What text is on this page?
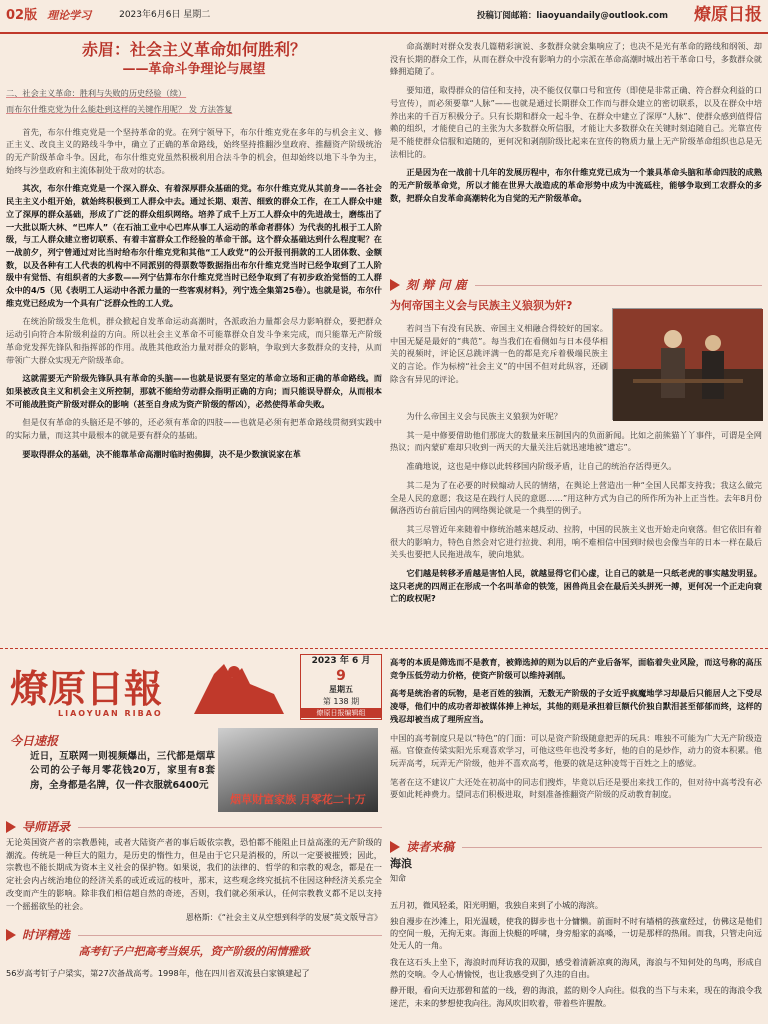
02版 理论学习	2023年6月6日 星期二	投稿订阅邮箱：liaoyuandaily@outlook.com 燎原日报
赤眉：社会主义革命如何胜利？
——革命斗争理论与展望
二、社会主义革命：胜利与失败的历史经验（续）
而布尔什维克党为什么能赴到这样的关键作用呢？ 发 方法答复
首先，布尔什维克党是一个坚持革命的党。在列宁领导下，布尔什维克党在多年的与机会主义、修正主义、改良主义的路线斗争中，确立了正确的革命路线，始终坚持推翻沙皇政府、推翻资产阶级统治的无产阶级革命斗争。因此，布尔什维克党虽然积极利用合法斗争的机会，但却始终以地下斗争为主，始终与沙皇政府和主流体制处于敌对的状态。
其次，布尔什维克党是一个深入群众、有着深厚群众基础的党。布尔什维克党从其前身——各社会民主主义小组开始，就始终积极到工人群众中去。通过长期、艰苦、细致的群众工作，在工人群众中建立了深厚的群众基础，形成了广泛的群众组织网络。培养了成千上万工人群众中的先进战士，磨练出了一大批以斯大林、“巴库人”（在石油工业中心巴库从事工人运动的革命者群体）为代表的扎根于工人阶级，与工人群众建立密切联系、有着丰富群众工作经验的革命干部。这个群众基础达到什么程度呢？在一战前夕，列宁曾通过对比当时给布尔什维克党和其他“工人政党”的公开报刊捐款的工人团体数、金额数，以及各种有工人代表的机构中不同派别的得票数等数据指出布尔什维克党当时已经争取到了工人阶级中有觉悟、有组织者的大多数——列宁估算布尔什维克党当时已经争取到了有初步政治觉悟的工人群众中的4/5（见《表明工人运动中各派力量的一些客观材料》，列宁选全集第25卷）。也就是说，布尔什维克党已经成为一个具有广泛群众性的工人党。
在统治阶级发生危机，群众掀起自发革命运动高潮时，各派政治力量都会尽力影响群众，要把群众运动引向符合本阶级利益的方向。所以社会主义革命不可能靠群众自发斗争来完成，而只能靠无产阶级革命党发挥先锋队和指挥部的作用。战胜其他政治力量对群众的影响，争取到大多数群众的支持，从而带领广大群众实现无产阶级革命。
这就需要无产阶级先锋队具有革命的头脑——也就是说要有坚定的革命立场和正确的革命路线。而如果被改良主义和机会主义所控制，那就不能给劳动群众指明正确的方向；而只能误导群众，从而根本不可能战胜资产阶级对群众的影响（甚至自身成为资产阶级的帮凶），必然使得革命失败。
但是仅有革命的头脑还是不够的，还必须有革命的四肢——也就是必须有把革命路线贯彻到实践中的实际力量，而这其中最根本的就是要有群众的基础。
要取得群众的基础，决不能靠革命高潮时临时抱佛脚，决不是少数演说家在革
命高潮时对群众发表几篇精彩演说、多数群众就会集响应了；也决不是光有革命的路线和纲领、却没有长期的群众工作，从而在群众中没有影响力的小宗派在革命高潮时城出若干革命口号，多数群众就蜂拥追随了。
要知道，取得群众的信任和支持，决不能仅仅靠口号和宣传（即使是非常正确、符合群众利益的口号宣传），而必须要靠“人脉”——也就是通过长期群众工作而与群众建立的密切联系，以及在群众中培养出来的千百万积极分子。只有长期和群众一起斗争、在群众中建立了深厚“人脉”、使群众感到值得信赖的组织，才能使自己的主张为大多数群众所信服，才能让大多数群众在关键时刻追随自己。光靠宣传是不能使群众信服和追随的，更何况和剥削阶级比起来在宣传的物质力量上无产阶级革命组织也总是无法相比的。
正是因为在一战前十几年的发展历程中，布尔什维克党已成为一个兼具革命头脑和革命四肢的成熟的无产阶级革命党，所以才能在世界大战造成的革命形势中成为中流砥柱，能够争取到工农群众的多数，把群众自发革命高潮转化为自觉的无产阶级革命。
刻 辩 问 鹿
为何帝国主义会与民族主义狼狈为奸?
若问当下有没有民族、帝国主义相融合得较好的国家。中国无疑是最好的“典范”。每当我们在看侧如与日本侵华相关的视频时，评论区总跳评满一色的都是充斥着极端民族主义的言论。作为标榜“社会主义”的中国不但对此纵容，还刷除含有异见的评论。
为什么帝国主义会与民族主义狼狈为奸呢？
其一是中修要借助他们那庞大的数量来压制国内的负面新闻。比如之前熊猫丫丫事件，可谓是全网热议；而内蒙矿难却只收到一两天的大量关注后就迅速地被“遗忘”。
准确地说，这也是中修以此转移国内阶级矛盾，让自己的统治存活得更久。
其二是为了在必要的时候煽动人民的情绪，在舆论上营造出一种“全国人民都支持我；我这么做完全是人民的意愿；我这是在践行人民的意愿……”用这种方式为自己的所作所为补上正当性。去年8月份佩洛西访台前后国内的网络舆论就是一个典型的例子。
其三尽管近年来随着中修统治越来越反动、拉胯，中国的民族主义也开始走向衰落。但它依旧有着很大的影响力，特色自然会对它进行拉拢、利用，响不难相信中国到时候也会像当年的日本一样在最后关头也要把人民拖进战车，驶向地狱。
它们越是转移矛盾越是害怕人民，就越显得它们心虚，让自己的就是一只纸老虎的事实越发明显。这只老虎的四周正在形成一个名叫革命的铁笼，困兽尚且会在最后关头拼死一搏，更何况一个正走向衰亡的政权呢?
燎原日報
LIAOYUAN RIBAO
2023 年 6 月
9
星期五
第 138 期
燎原日报编辑组
今日速报
近日，互联网一则视频爆出，三代都是烟草公司的公子每月零花钱20万，家里有8套房，全身都是名牌，仅一件衣服就6400元
烟草财富家族 月零花二十万
导师语录
无论英国资产者的宗教愚钝，或者大陆资产者的事后皈依宗教，恐怕都不能阻止日益高涨的无产阶级的潮流。传统是一种巨大的阻力，是历史的惰性力，但是由于它只是消极的，所以一定要被摧毁；因此，宗教也不能长期成为资本主义社会的保护物。如果说，我们的法律的、哲学的和宗教的观念，都是在一定社会内占统治地位的经济关系的或近或远的枝叶，那末，这些观念终究抵抗不住因这种经济关系完全改变而产生的影响。除非我们相信超自然的奇迹，否则，我们就必须承认，任何宗教教义都不足以支持一个摇摇欲坠的社会。
恩格斯：《“社会主义从空想到科学的发展”英文版导言》
时评精选
高考钉子户把高考当娱乐，资产阶级的闲情雅致
56岁高考钉子户梁实，第27次备战高考。1998年，他在四川省双流县白家镇建起了
高考的本质是筛选而不是教育，被筛选掉的则为以后的产业后备军，面临着失业风险，而这号称的高压竞争压低劳动力价格，使资产阶级可以维持剥削。
高考是统治者的玩物，是老百姓的独酒，无数无产阶级的子女近乎疯魔地学习却最后只能居人之下受尽凌辱，他们中的成功者却被媒体捧上神坛，其他的则是承担着巨额代价独自默泪甚至郁郁而终，这样的残忍却被当成了理所应当。
中国的高考制度只是以“特色”的门面：可以是资产阶级随意把弄的玩具：唯独不可能为广大无产阶级造福。官僚查传梁实阳光乐观喜欢学习，可他这些年也没考多好，他的自的是炒作，动力的资本积累。他玩弄高考，玩弄无产阶级，他并不喜欢高考，他要的就是这种凌驾于百姓之上的感觉。
笔者在这不建议广大还处在初高中的同志们搜炸，毕竟以后还是要出来找工作的，但对待中高考没有必要如此耗神费力。望同志们积极进取，时刻准备推翻资产阶级的反动教育制度。
读者来稿
海浪
知命
五月初，微风轻柔，阳光明媚，我独自来到了小城的海滨。
独自漫步在沙滩上，阳光温暖，使我的脚步也十分慵懒。前面时不时有墙梢的孩童经过，仿佛这是他们的空间一般，无拘无束。海面上快艇的呼啸，身旁船家的高嗓，一切是那样的热闹。而我，只管走向远处无人的一角。
我在这石头上坐下，海浪时而拜访我的双脚，感受着清新凉爽的海风，海浪与不知何处的鸟鸣，形成自然的交响。令人心情愉悦，也让我感受到了久违的自由。
静开眼，看向天边那碧和蓝的一线，碧的海浪，蓝的则令人向往。似我的当下与未来，现在的海浪令我迷茫，未来的梦想使我向往。海风吹旧吹着，带着些许腥散。
